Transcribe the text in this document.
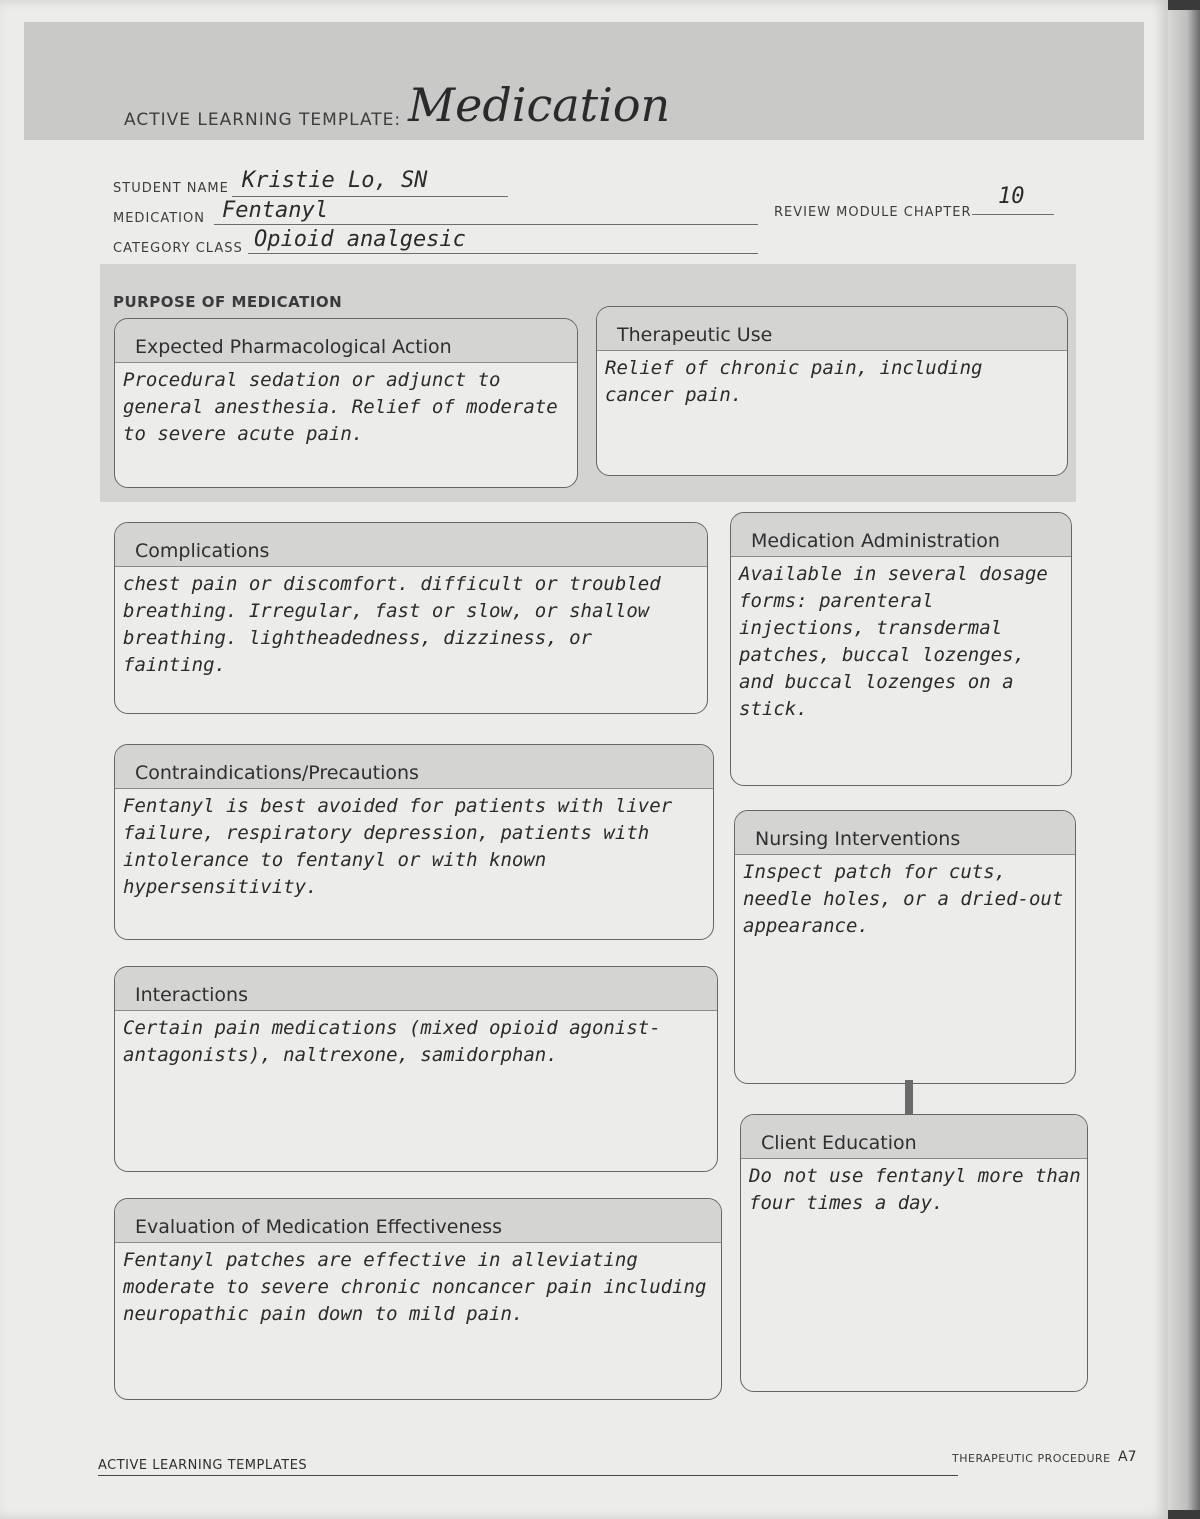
ACTIVE LEARNING TEMPLATE: Medication
STUDENT NAME Kristie Lo, SN
MEDICATION Fentanyl
CATEGORY CLASS Opioid analgesic
REVIEW MODULE CHAPTER
10
PURPOSE OF MEDICATION
Expected Pharmacological Action
Procedural sedation or adjunct to general anesthesia. Relief of moderate to severe acute pain.
Therapeutic Use
Relief of chronic pain, including cancer pain.
Complications
chest pain or discomfort. difficult or troubled breathing. Irregular, fast or slow, or shallow breathing. lightheadedness, dizziness, or fainting.
Contraindications/Precautions
Fentanyl is best avoided for patients with liver failure, respiratory depression, patients with intolerance to fentanyl or with known hypersensitivity.
Interactions
Certain pain medications (mixed opioid agonist-antagonists), naltrexone, samidorphan.
Evaluation of Medication Effectiveness
Fentanyl patches are effective in alleviating moderate to severe chronic noncancer pain including neuropathic pain down to mild pain.
Medication Administration
Available in several dosage forms: parenteral injections, transdermal patches, buccal lozenges, and buccal lozenges on a stick.
Nursing Interventions
Inspect patch for cuts, needle holes, or a dried-out appearance.
Client Education
Do not use fentanyl more than four times a day.
ACTIVE LEARNING TEMPLATES	THERAPEUTIC PROCEDURE A7
